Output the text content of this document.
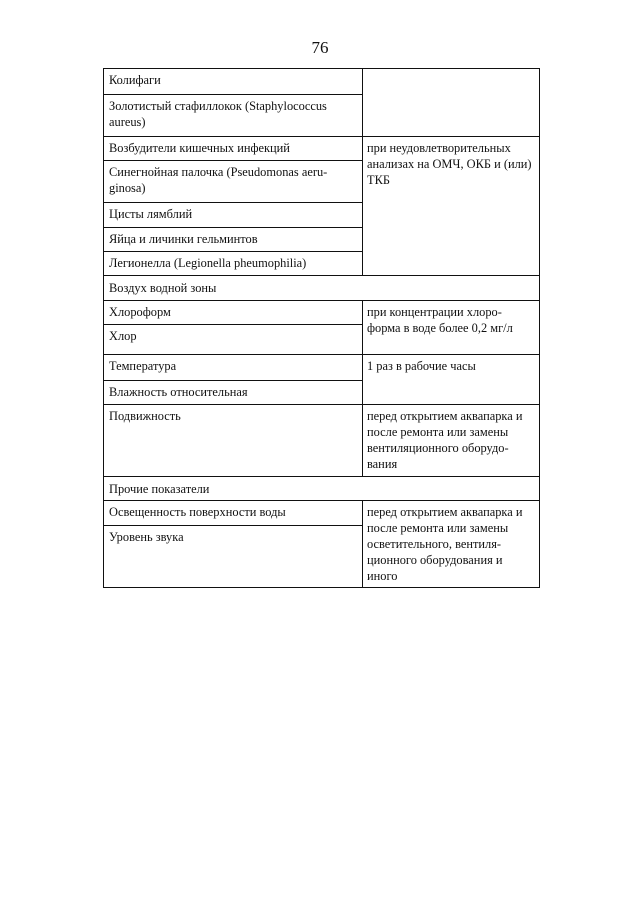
76
Колифаги	
Золотистый стафиллокок (Staphylococcus aureus)	
Возбудители кишечных инфекций	при неудовлетворительных анализах на ОМЧ, ОКБ и (или) ТКБ
Синегнойная палочка (Pseudomonas aeru-ginosa)	
Цисты лямблий	
Яйца и личинки гельминтов	
Легионелла (Legionella pheumophilia)	
Воздух водной зоны	
Хлороформ	при концентрации хлоро-форма в воде более 0,2 мг/л
Хлор	
Температура	1 раз в рабочие часы
Влажность относительная	
Подвижность	перед открытием аквапарка и после ремонта или замены вентиляционного оборудо-вания
Прочие показатели	
Освещенность поверхности воды	перед открытием аквапарка и после ремонта или замены осветительного, вентиля-ционного оборудования и иного
Уровень звука	
